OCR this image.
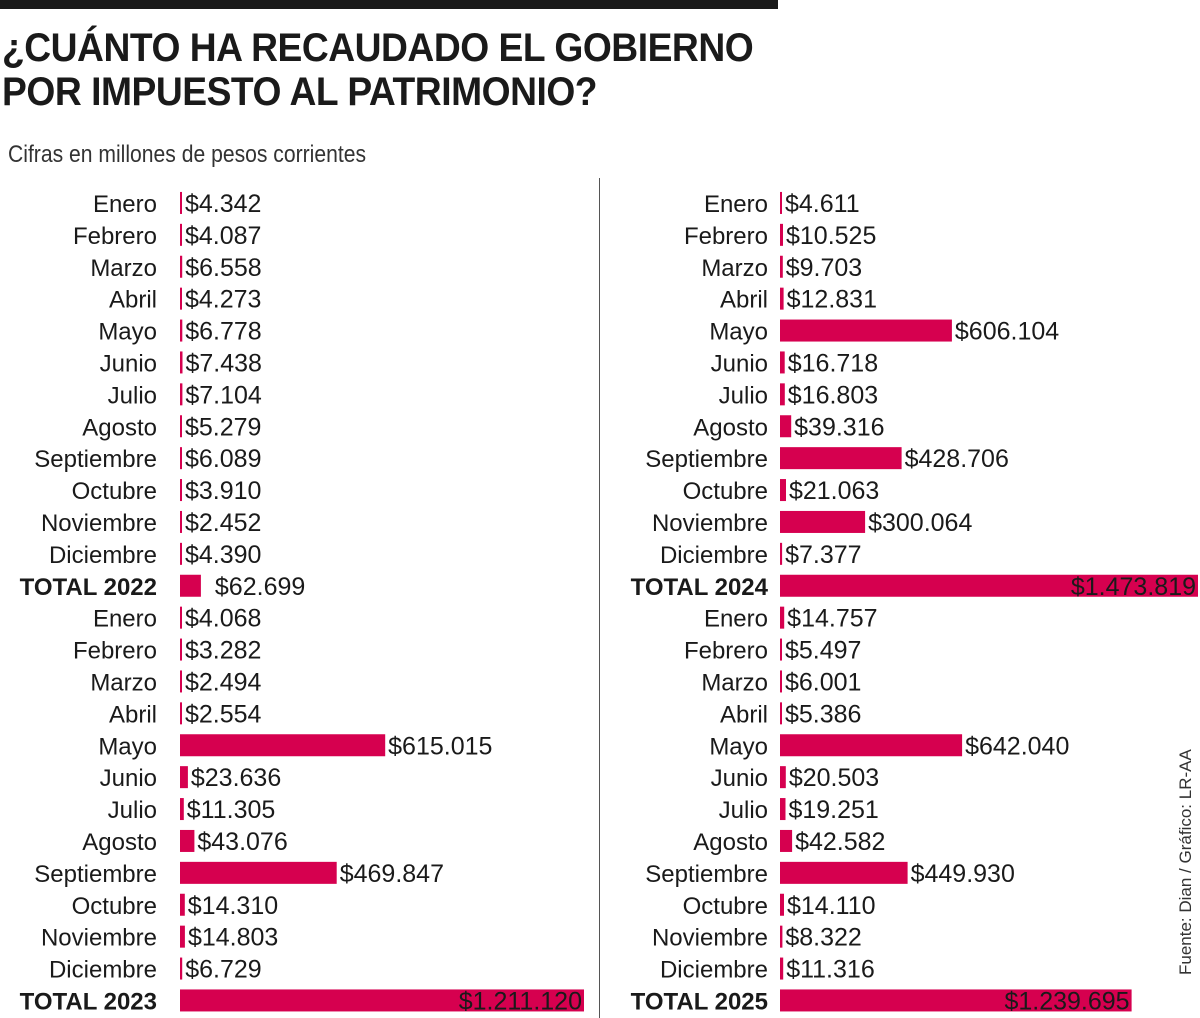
¿CUÁNTO HA RECAUDADO EL GOBIERNO
POR IMPUESTO AL PATRIMONIO?
Cifras en millones de pesos corrientes
Fuente: Dian / Gráfico: LR-AA
Enero $4.342
Febrero $4.087
Marzo $6.558
Abril $4.273
Mayo $6.778
Junio $7.438
Julio $7.104
Agosto $5.279
Septiembre $6.089
Octubre $3.910
Noviembre $2.452
Diciembre $4.390
TOTAL 2022 $62.699
Enero $4.068
Febrero $3.282
Marzo $2.494
Abril $2.554
Mayo	$615.015
Junio $23.636
Julio $11.305
Agosto $43.076
Septiembre	$469.847
Octubre $14.310
Noviembre $14.803
Diciembre $6.729
TOTAL 2023	$1.211.120
Enero $4.611
Febrero $10.525
Marzo $9.703
Abril $12.831
Mayo	$606.104
Junio $16.718
Julio $16.803
Agosto $39.316
Septiembre	$428.706
Octubre $21.063
Noviembre	$300.064
Diciembre $7.377
TOTAL 2024	$1.473.819
Enero $14.757
Febrero $5.497
Marzo $6.001
Abril $5.386
Mayo	$642.040
Junio $20.503
Julio $19.251
Agosto $42.582
Septiembre	$449.930
Octubre $14.110
Noviembre $8.322
Diciembre $11.316
TOTAL 2025	$1.239.695
